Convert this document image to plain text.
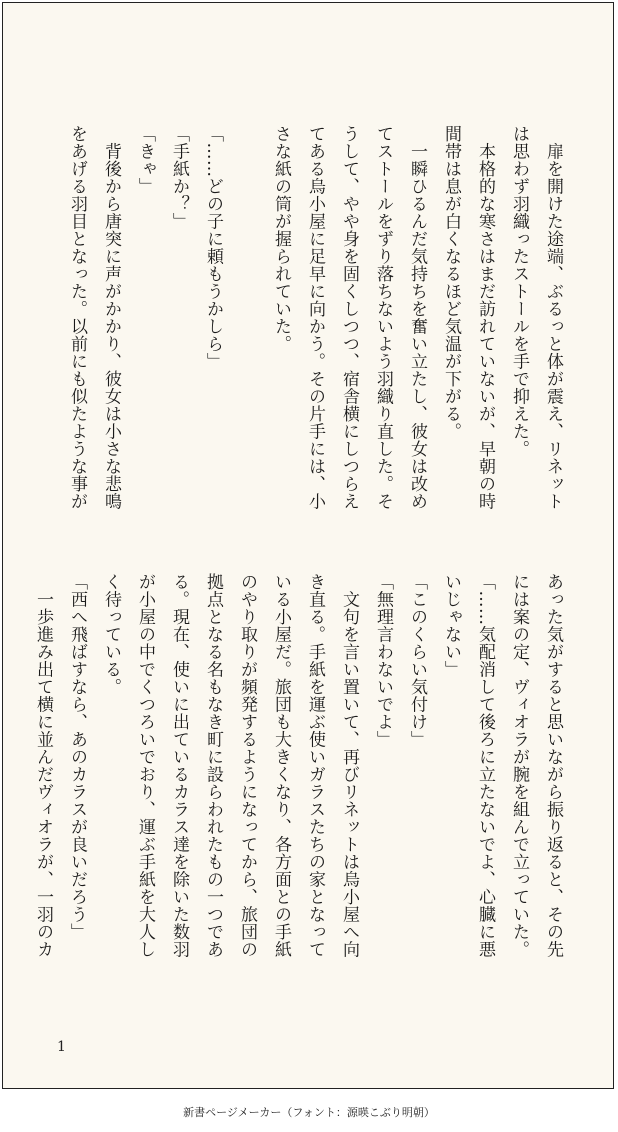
　扉を開けた途端、ぶるっと体が震え、リネット

は思わず羽織ったストールを手で抑えた。

　本格的な寒さはまだ訪れていないが、早朝の時

間帯は息が白くなるほど気温が下がる。

　一瞬ひるんだ気持ちを奮い立たし、彼女は改め

てストールをずり落ちないよう羽織り直した。そ

うして、やや身を固くしつつ、宿舎横にしつらえ

てある烏小屋に足早に向かう。その片手には、小

さな紙の筒が握られていた。

「……どの子に頼もうかしら」

「手紙か？」

「きゃ」

　背後から唐突に声がかかり、彼女は小さな悲鳴

をあげる羽目となった。以前にも似たような事が

あった気がすると思いながら振り返ると、その先

には案の定、ヴィオラが腕を組んで立っていた。

「……気配消して後ろに立たないでよ、心臓に悪

いじゃない」

「このくらい気付け」

「無理言わないでよ」

　文句を言い置いて、再びリネットは烏小屋へ向

き直る。手紙を運ぶ使いガラスたちの家となって

いる小屋だ。旅団も大きくなり、各方面との手紙

のやり取りが頻発するようになってから、旅団の

拠点となる名もなき町に設らわれたもの一つであ

る。現在、使いに出ているカラス達を除いた数羽

が小屋の中でくつろいでおり、運ぶ手紙を大人し

く待っている。

「西へ飛ばすなら、あのカラスが良いだろう」

　一歩進み出て横に並んだヴィオラが、一羽のカ

1
新書ページメーカー（フォント：源暎こぶり明朝）
